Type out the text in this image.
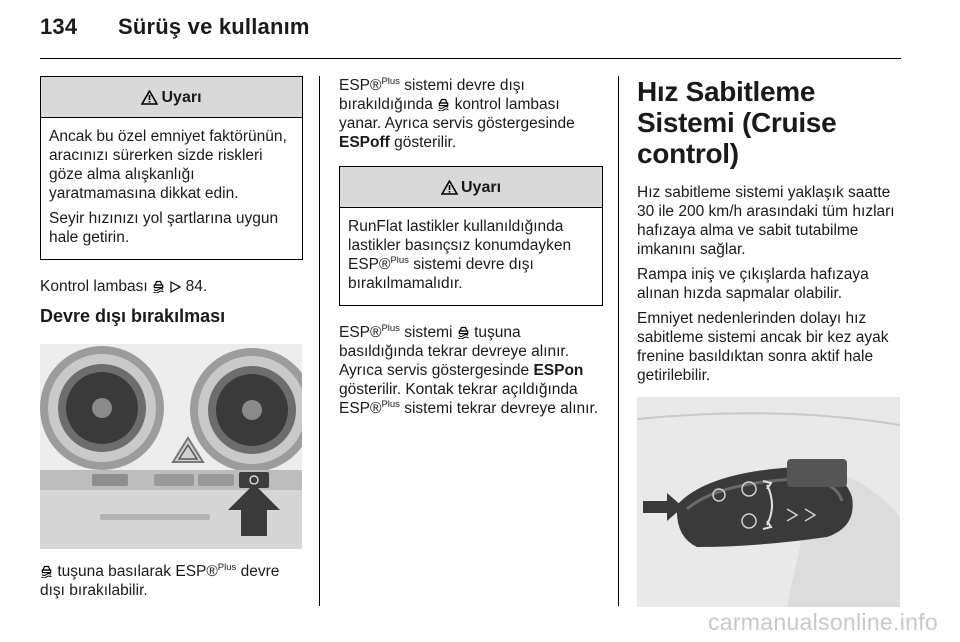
134 Sürüş ve kullanım
Uyarı

Ancak bu özel emniyet faktörünün, aracınızı sürerken sizde riskleri göze alma alışkanlığı yaratmamasına dikkat edin.

Seyir hızınızı yol şartlarına uygun hale getirin.

Kontrol lambası 84.

Devre dışı bırakılması

tuşuna basılarak ESP®$^{Plus}$ devre dışı bırakılabilir.

ESP®$^{Plus}$ sistemi devre dışı bırakıldığında kontrol lambası yanar. Ayrıca servis göstergesinde ESPoff gösterilir.

Uyarı

RunFlat lastikler kullanıldığında lastikler basınçsız konumdayken ESP®$^{Plus}$ sistemi devre dışı bırakılmamalıdır.

ESP®$^{Plus}$ sistemi tuşuna basıldığında tekrar devreye alınır. Ayrıca servis göstergesinde ESPon gösterilir. Kontak tekrar açıldığında ESP®$^{Plus}$ sistemi tekrar devreye alınır.

Hız Sabitleme Sistemi (Cruise control)

Hız sabitleme sistemi yaklaşık saatte 30 ile 200 km/h arasındaki tüm hızları hafızaya alma ve sabit tutabilme imkanını sağlar.

Rampa iniş ve çıkışlarda hafızaya alınan hızda sapmalar olabilir.

Emniyet nedenlerinden dolayı hız sabitleme sistemi ancak bir kez ayak frenine basıldıktan sonra aktif hale getirilebilir.

carmanualsonline.info
